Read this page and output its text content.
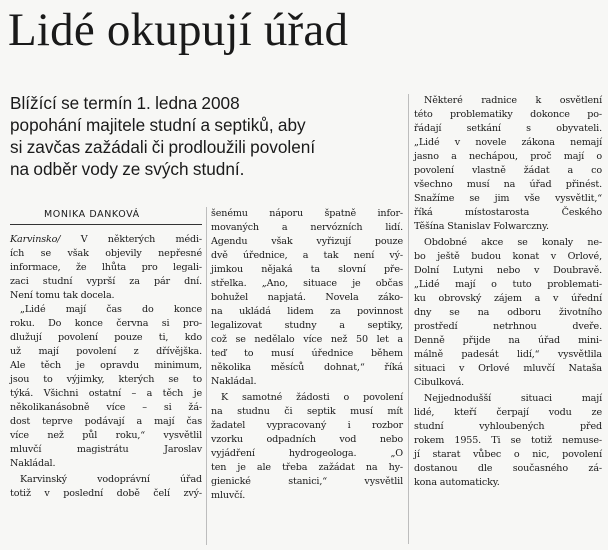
Lidé okupují úřad

Blížící se termín 1. ledna 2008
popohání majitele studní a septiků, aby
si zavčas zažádali či prodloužili povolení
na odběr vody ze svých studní.

MONIKA DANKOVÁ
Karvinsko/ V některých médi-
ích se však objevily nepřesné
informace, že lhůta pro legali-
zaci studní vyprší za pár dní.
Není tomu tak docela.
„Lidé mají čas do konce
roku. Do konce června si pro-
dlužují povolení pouze ti, kdo
už mají povolení z dřívějška.
Ale těch je opravdu minimum,
jsou to výjimky, kterých se to
týká. Všichni ostatní – a těch je
několikanásobně více – si žá-
dost teprve podávají a mají čas
více než půl roku,“ vysvětlil
mluvčí magistrátu Jaroslav
Nakládal.
Karvinský vodoprávní úřad
totiž v poslední době čelí zvý-
šenému náporu špatně infor-
movaných a nervózních lidí.
Agendu však vyřizují pouze
dvě úřednice, a tak není vý-
jimkou nějaká ta slovní pře-
střelka. „Ano, situace je občas
bohužel napjatá. Novela záko-
na ukládá lidem za povinnost
legalizovat studny a septiky,
což se nedělalo více než 50 let a
teď to musí úřednice během
několika měsíců dohnat,“ říká
Nakládal.
K samotné žádosti o povolení
na studnu či septik musí mít
žadatel vypracovaný i rozbor
vzorku odpadních vod nebo
vyjádření hydrogeologa. „O
ten je ale třeba zažádat na hy-
gienické stanici,“ vysvětlil
mluvčí.
Některé radnice k osvětlení
této problematiky dokonce po-
řádají setkání s obyvateli.
„Lidé v novele zákona nemají
jasno a nechápou, proč mají o
povolení vlastně žádat a co
všechno musí na úřad přinést.
Snažíme se jim vše vysvětlit,“
říká místostarosta Českého
Těšína Stanislav Folwarczny.
Obdobné akce se konaly ne-
bo ještě budou konat v Orlové,
Dolní Lutyni nebo v Doubravě.
„Lidé mají o tuto problemati-
ku obrovský zájem a v úřední
dny se na odboru životního
prostředí netrhnou dveře.
Denně přijde na úřad mini-
málně padesát lidí,“ vysvětlila
situaci v Orlové mluvčí Nataša
Cibulková.
Nejjednodušší situaci mají
lidé, kteří čerpají vodu ze
studní vyhloubených před
rokem 1955. Ti se totiž nemuse-
jí starat vůbec o nic, povolení
dostanou dle současného zá-
kona automaticky.
